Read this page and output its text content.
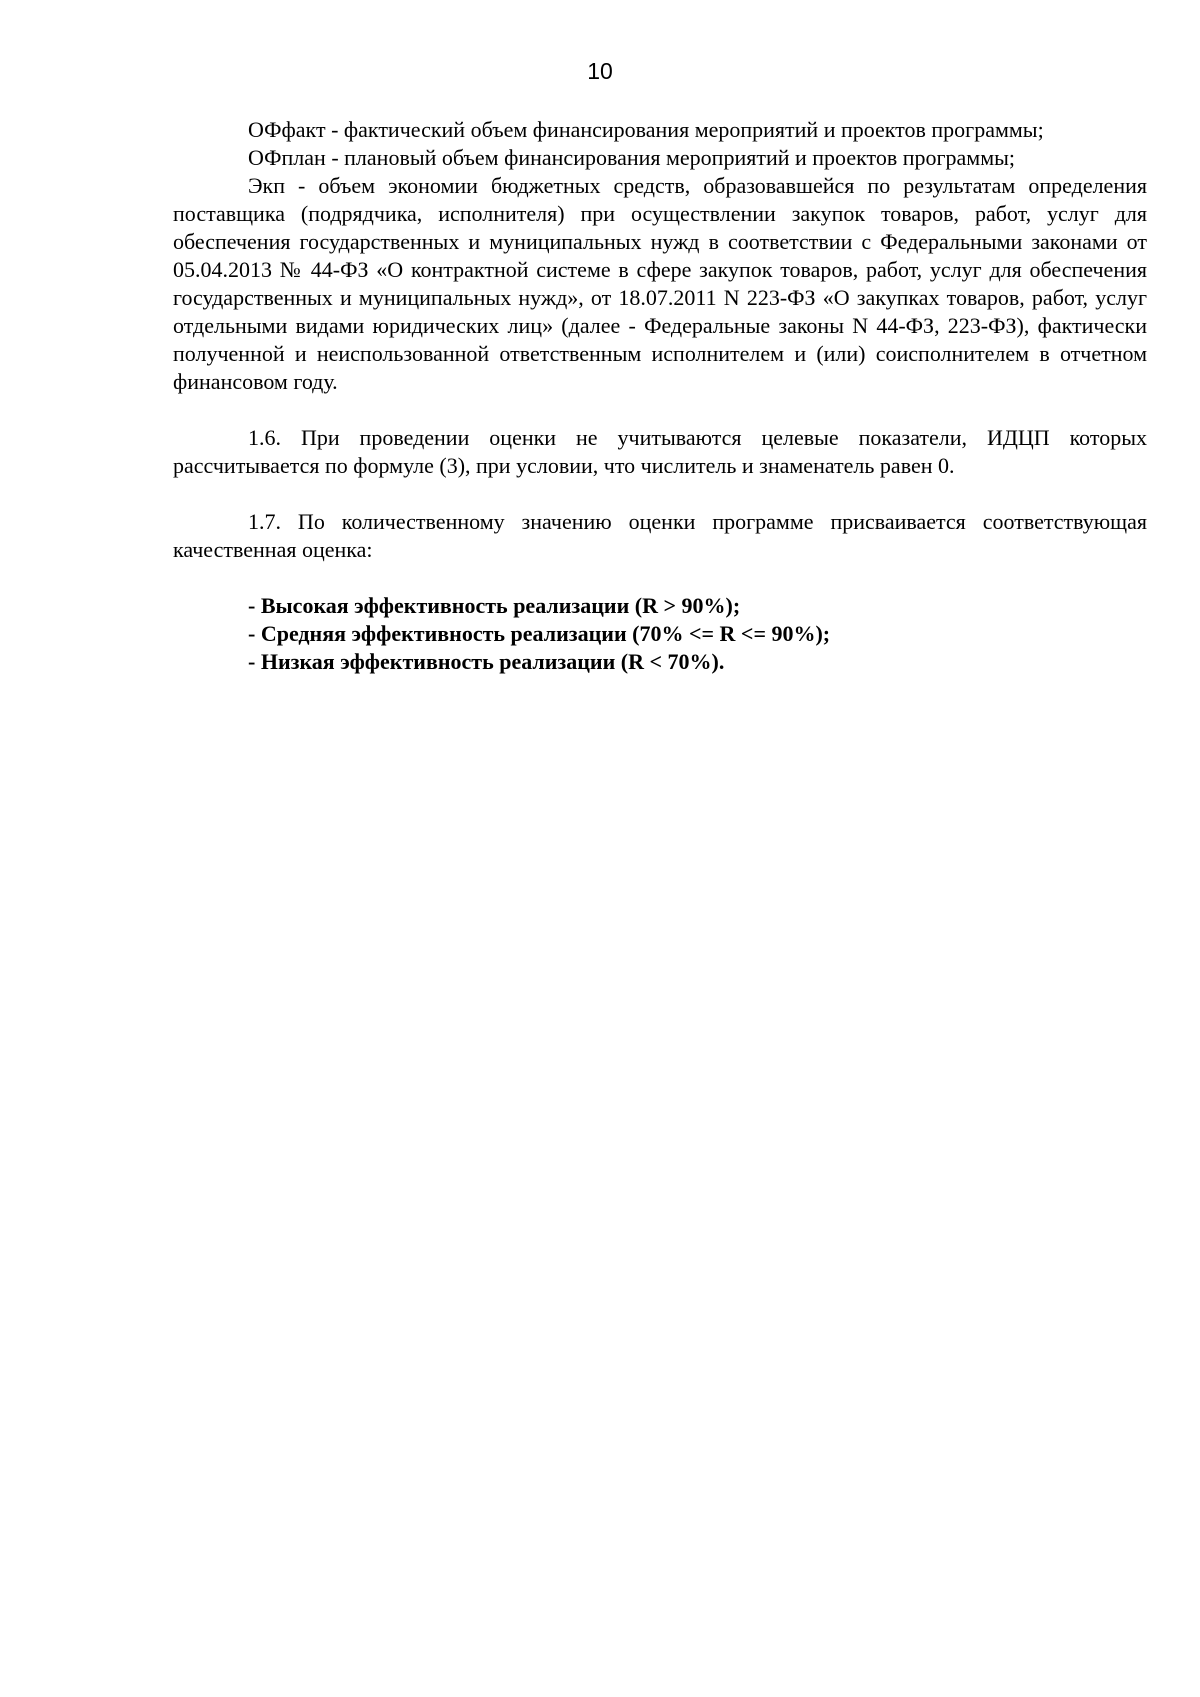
10

ОФфакт - фактический объем финансирования мероприятий и проектов программы;

ОФплан - плановый объем финансирования мероприятий и проектов программы;

Экп - объем экономии бюджетных средств, образовавшейся по результатам определения поставщика (подрядчика, исполнителя) при осуществлении закупок товаров, работ, услуг для обеспечения государственных и муниципальных нужд в соответствии с Федеральными законами от 05.04.2013 № 44-ФЗ «О контрактной системе в сфере закупок товаров, работ, услуг для обеспечения государственных и муниципальных нужд», от 18.07.2011 N 223-ФЗ «О закупках товаров, работ, услуг отдельными видами юридических лиц» (далее - Федеральные законы N 44-ФЗ, 223-ФЗ), фактически полученной и неиспользованной ответственным исполнителем и (или) соисполнителем в отчетном финансовом году.

1.6. При проведении оценки не учитываются целевые показатели, ИДЦП которых рассчитывается по формуле (3), при условии, что числитель и знаменатель равен 0.

1.7. По количественному значению оценки программе присваивается соответствующая качественная оценка:

- Высокая эффективность реализации (R > 90%);
- Средняя эффективность реализации (70% <= R <= 90%);
- Низкая эффективность реализации (R < 70%).
